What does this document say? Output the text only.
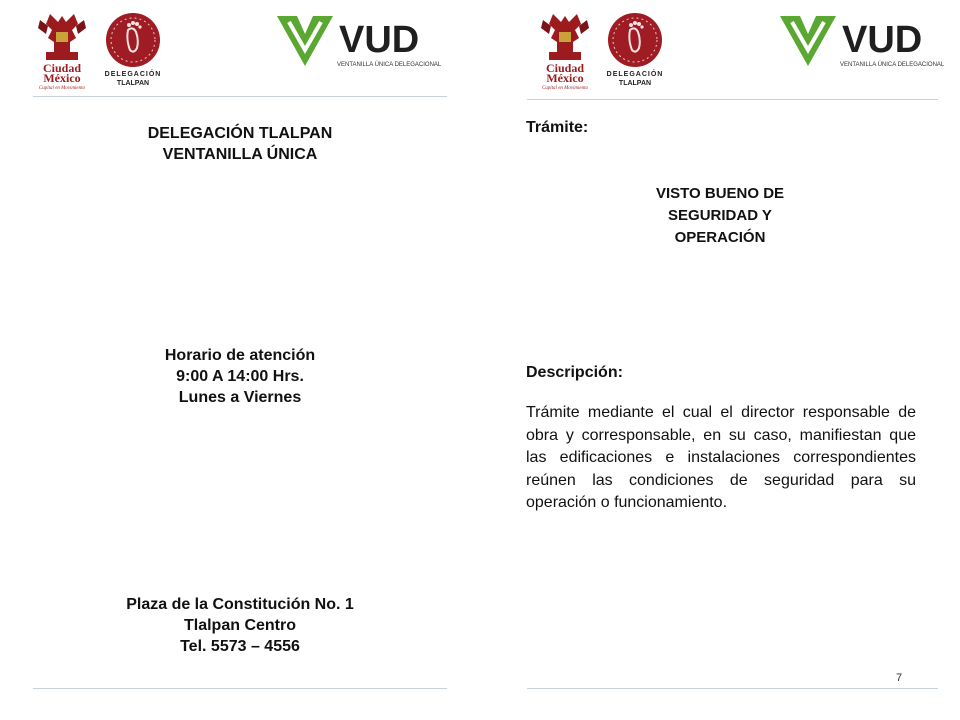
Ciudad
México
Capital en Movimiento
DELEGACIÓN
TLALPAN
VUD
VENTANILLA ÚNICA DELEGACIONAL
DELEGACIÓN TLALPAN
VENTANILLA ÚNICA
Horario de atención
9:00 A 14:00 Hrs.
Lunes a Viernes
Plaza de la Constitución No. 1
Tlalpan Centro
Tel. 5573 – 4556
Ciudad
México
Capital en Movimiento
DELEGACIÓN
TLALPAN
VUD
VENTANILLA ÚNICA DELEGACIONAL
Trámite:
VISTO BUENO DE
SEGURIDAD Y
OPERACIÓN
Descripción:
Trámite mediante el cual el director responsable de obra y corresponsable, en su caso, manifiestan que las edificaciones e instalaciones correspondientes reúnen las condiciones de seguridad para su operación o funcionamiento.
7
